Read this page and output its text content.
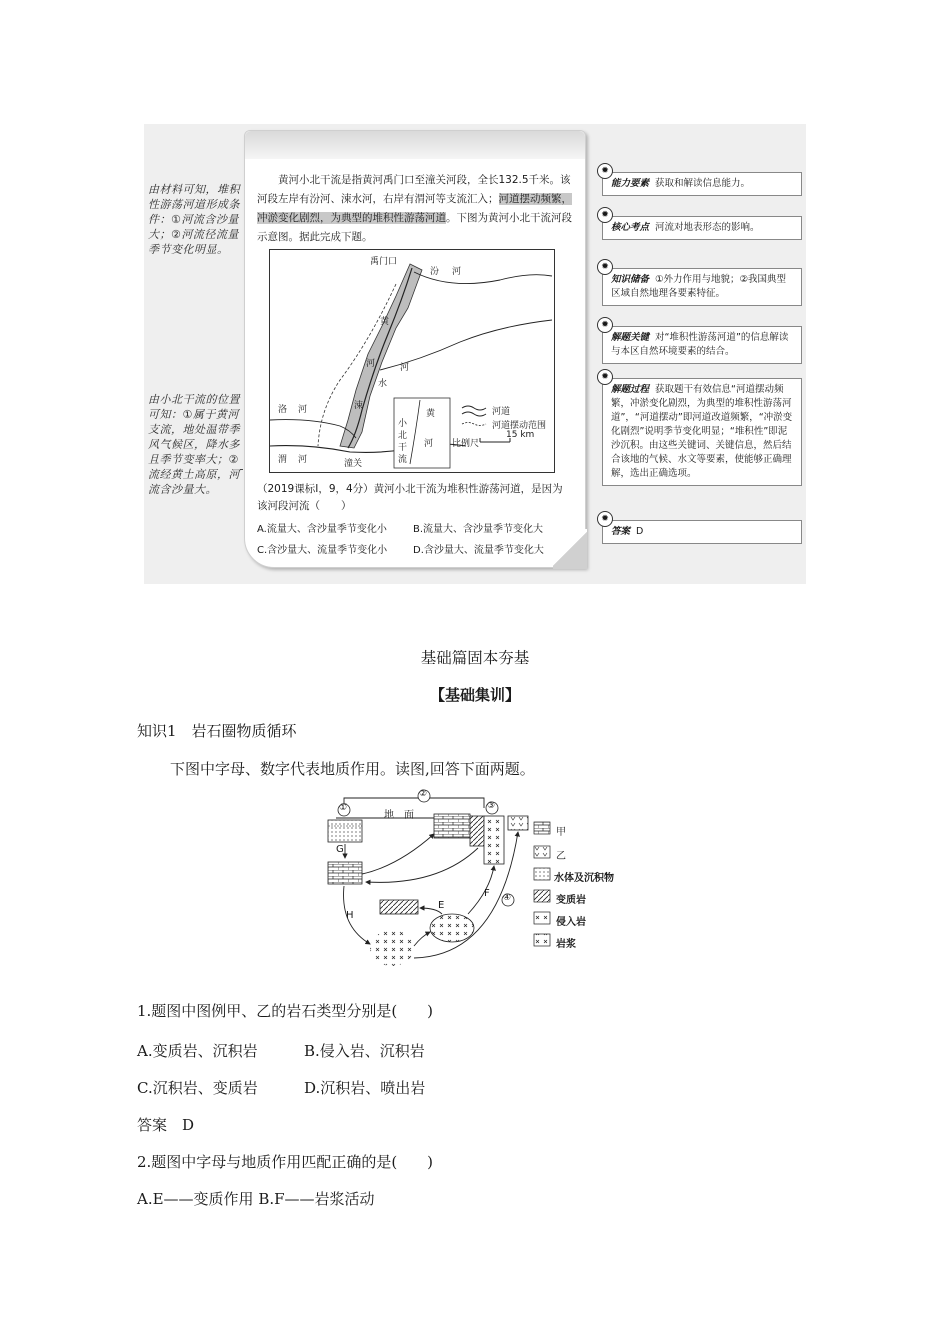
由材料可知，堆积性游荡河道形成条件：①河流含沙量大；②河流径流量季节变化明显。
由小北干流的位置可知：①属于黄河支流，地处温带季风气候区，降水多且季节变率大；②流经黄土高原，河流含沙量大。
黄河小北干流是指黄河禹门口至潼关河段，全长132.5千米。该河段左岸有汾河、涑水河，右岸有渭河等支流汇入；河道摆动频繁，冲淤变化剧烈，为典型的堆积性游荡河道。下图为黄河小北干流河段示意图。据此完成下题。
禹门口
汾 河
黄
河	河
水
涑
洛 河
渭 河	潼关
黄
河
小
北
干
流
河道
河道摆动范围
比例尺
15 km
（2019课标Ⅰ，9，4分）黄河小北干流为堆积性游荡河道，是因为该河段河流（　　）
A.流量大、含沙量季节变化小	B.流量大、含沙量季节变化大 C.含沙量大、流量季节变化小	D.含沙量大、流量季节变化大
✹
能力要素 获取和解读信息能力。
✹
核心考点 河流对地表形态的影响。
✹
知识储备 ①外力作用与地貌；②我国典型区域自然地理各要素特征。
✹
解题关键 对“堆积性游荡河道”的信息解读与本区自然环境要素的结合。
✹
解题过程 获取题干有效信息“河道摆动频繁，冲淤变化剧烈，为典型的堆积性游荡河道”，“河道摆动”即河道改道频繁，“冲淤变化剧烈”说明季节变化明显；“堆积性”即泥沙沉积。由这些关键词、关键信息，然后结合该地的气候、水文等要素，使能够正确理解，选出正确选项。
✹
答案 D
基础篇固本夯基
【基础集训】
知识1　岩石圈物质循环
下图中字母、数字代表地质作用。读图,回答下面两题。
地　面
①
②
③
④
G
H
E
F
甲
乙
水体及沉积物
变质岩
侵入岩
岩浆
1.题图中图例甲、乙的岩石类型分别是(　　)
A.变质岩、沉积岩	B.侵入岩、沉积岩
C.沉积岩、变质岩	D.沉积岩、喷出岩
答案　D
2.题图中字母与地质作用匹配正确的是(　　)
A.E——变质作用 B.F——岩浆活动
